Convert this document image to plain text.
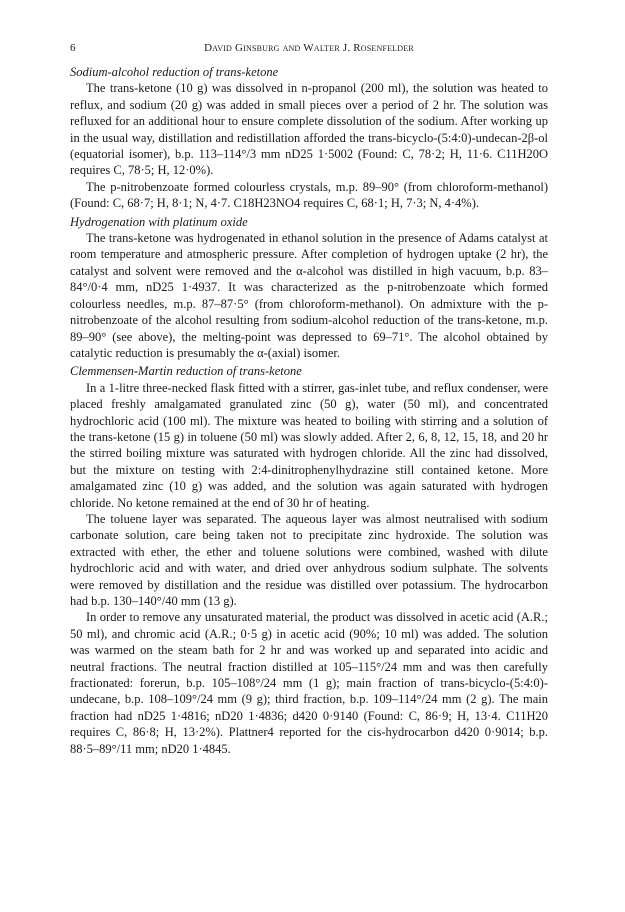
6	David Ginsburg and Walter J. Rosenfelder
Sodium-alcohol reduction of trans-ketone

The trans-ketone (10 g) was dissolved in n-propanol (200 ml), the solution was heated to reflux, and sodium (20 g) was added in small pieces over a period of 2 hr. The solution was refluxed for an additional hour to ensure complete dissolution of the sodium. After working up in the usual way, distillation and redistillation afforded the trans-bicyclo-(5:4:0)-undecan-2β-ol (equatorial isomer), b.p. 113–114°/3 mm nD25 1·5002 (Found: C, 78·2; H, 11·6. C11H20O requires C, 78·5; H, 12·0%).

The p-nitrobenzoate formed colourless crystals, m.p. 89–90° (from chloroform-methanol) (Found: C, 68·7; H, 8·1; N, 4·7. C18H23NO4 requires C, 68·1; H, 7·3; N, 4·4%).

Hydrogenation with platinum oxide

The trans-ketone was hydrogenated in ethanol solution in the presence of Adams catalyst at room temperature and atmospheric pressure. After completion of hydrogen uptake (2 hr), the catalyst and solvent were removed and the α-alcohol was distilled in high vacuum, b.p. 83–84°/0·4 mm, nD25 1·4937. It was characterized as the p-nitrobenzoate which formed colourless needles, m.p. 87–87·5° (from chloroform-methanol). On admixture with the p-nitrobenzoate of the alcohol resulting from sodium-alcohol reduction of the trans-ketone, m.p. 89–90° (see above), the melting-point was depressed to 69–71°. The alcohol obtained by catalytic reduction is presumably the α-(axial) isomer.

Clemmensen-Martin reduction of trans-ketone

In a 1-litre three-necked flask fitted with a stirrer, gas-inlet tube, and reflux condenser, were placed freshly amalgamated granulated zinc (50 g), water (50 ml), and concentrated hydrochloric acid (100 ml). The mixture was heated to boiling with stirring and a solution of the trans-ketone (15 g) in toluene (50 ml) was slowly added. After 2, 6, 8, 12, 15, 18, and 20 hr the stirred boiling mixture was saturated with hydrogen chloride. All the zinc had dissolved, but the mixture on testing with 2:4-dinitrophenylhydrazine still contained ketone. More amalgamated zinc (10 g) was added, and the solution was again saturated with hydrogen chloride. No ketone remained at the end of 30 hr of heating.

The toluene layer was separated. The aqueous layer was almost neutralised with sodium carbonate solution, care being taken not to precipitate zinc hydroxide. The solution was extracted with ether, the ether and toluene solutions were combined, washed with dilute hydrochloric acid and with water, and dried over anhydrous sodium sulphate. The solvents were removed by distillation and the residue was distilled over potassium. The hydrocarbon had b.p. 130–140°/40 mm (13 g).

In order to remove any unsaturated material, the product was dissolved in acetic acid (A.R.; 50 ml), and chromic acid (A.R.; 0·5 g) in acetic acid (90%; 10 ml) was added. The solution was warmed on the steam bath for 2 hr and was worked up and separated into acidic and neutral fractions. The neutral fraction distilled at 105–115°/24 mm and was then carefully fractionated: forerun, b.p. 105–108°/24 mm (1 g); main fraction of trans-bicyclo-(5:4:0)-undecane, b.p. 108–109°/24 mm (9 g); third fraction, b.p. 109–114°/24 mm (2 g). The main fraction had nD25 1·4816; nD20 1·4836; d420 0·9140 (Found: C, 86·9; H, 13·4. C11H20 requires C, 86·8; H, 13·2%). Plattner4 reported for the cis-hydrocarbon d420 0·9014; b.p. 88·5–89°/11 mm; nD20 1·4845.
